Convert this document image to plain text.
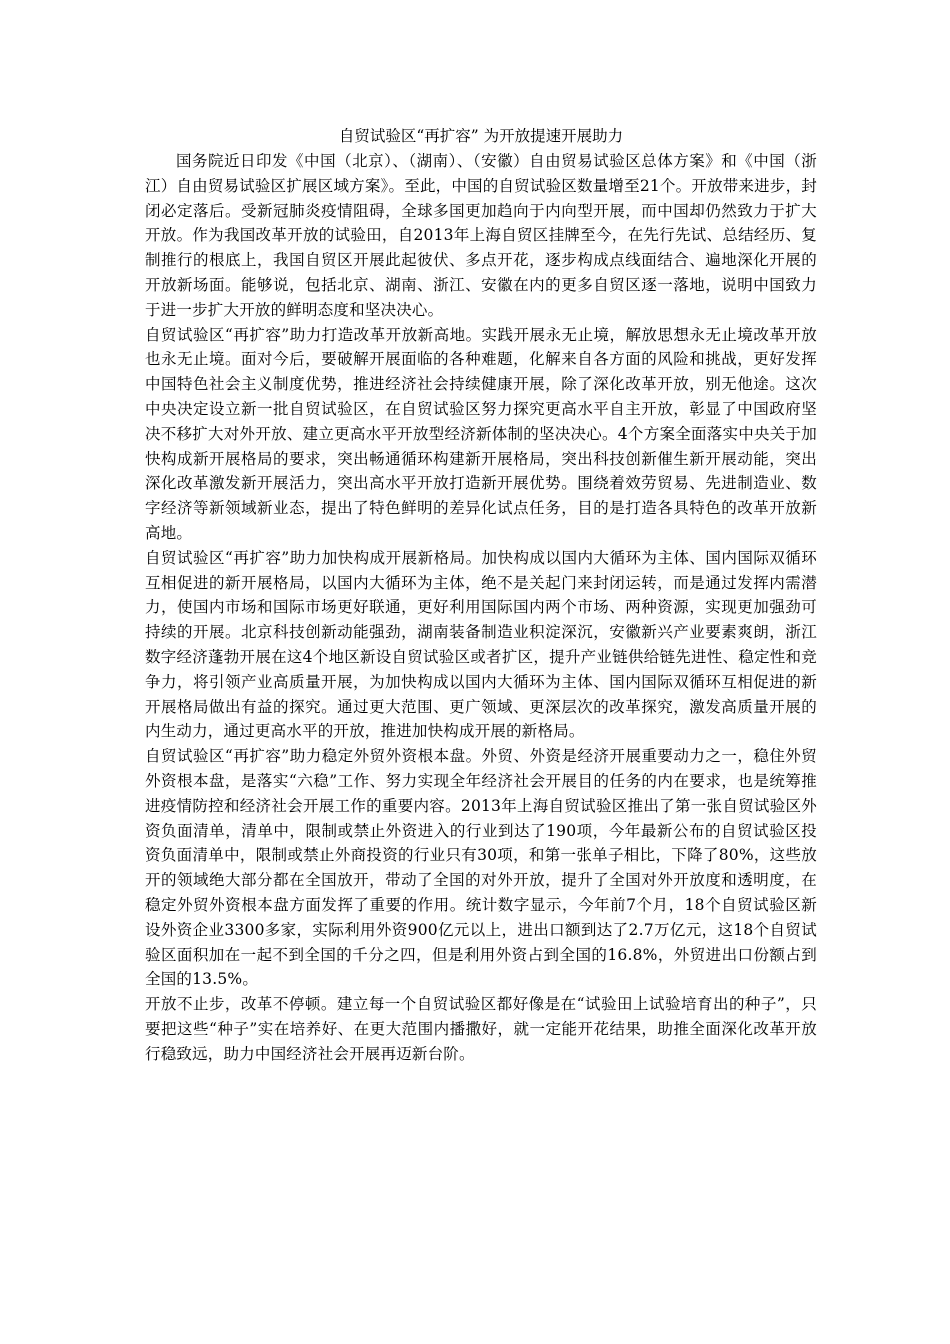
自贸试验区“再扩容” 为开放提速开展助力

国务院近日印发《中国（北京）、（湖南）、（安徽）自由贸易试验区总体方案》和《中国（浙江）自由贸易试验区扩展区域方案》。至此，中国的自贸试验区数量增至21个。开放带来进步，封闭必定落后。受新冠肺炎疫情阻碍，全球多国更加趋向于内向型开展，而中国却仍然致力于扩大开放。作为我国改革开放的试验田，自2013年上海自贸区挂牌至今，在先行先试、总结经历、复制推行的根底上，我国自贸区开展此起彼伏、多点开花，逐步构成点线面结合、遍地深化开展的开放新场面。能够说，包括北京、湖南、浙江、安徽在内的更多自贸区逐一落地，说明中国致力于进一步扩大开放的鲜明态度和坚决决心。

自贸试验区“再扩容”助力打造改革开放新高地。实践开展永无止境，解放思想永无止境改革开放也永无止境。面对今后，要破解开展面临的各种难题，化解来自各方面的风险和挑战，更好发挥中国特色社会主义制度优势，推进经济社会持续健康开展，除了深化改革开放，别无他途。这次中央决定设立新一批自贸试验区，在自贸试验区努力探究更高水平自主开放，彰显了中国政府坚决不移扩大对外开放、建立更高水平开放型经济新体制的坚决决心。4个方案全面落实中央关于加快构成新开展格局的要求，突出畅通循环构建新开展格局，突出科技创新催生新开展动能，突出深化改革激发新开展活力，突出高水平开放打造新开展优势。围绕着效劳贸易、先进制造业、数字经济等新领域新业态，提出了特色鲜明的差异化试点任务，目的是打造各具特色的改革开放新高地。

自贸试验区“再扩容”助力加快构成开展新格局。加快构成以国内大循环为主体、国内国际双循环互相促进的新开展格局，以国内大循环为主体，绝不是关起门来封闭运转，而是通过发挥内需潜力，使国内市场和国际市场更好联通，更好利用国际国内两个市场、两种资源，实现更加强劲可持续的开展。北京科技创新动能强劲，湖南装备制造业积淀深沉，安徽新兴产业要素爽朗，浙江数字经济蓬勃开展在这4个地区新设自贸试验区或者扩区，提升产业链供给链先进性、稳定性和竞争力，将引领产业高质量开展，为加快构成以国内大循环为主体、国内国际双循环互相促进的新开展格局做出有益的探究。通过更大范围、更广领域、更深层次的改革探究，激发高质量开展的内生动力，通过更高水平的开放，推进加快构成开展的新格局。

自贸试验区“再扩容”助力稳定外贸外资根本盘。外贸、外资是经济开展重要动力之一，稳住外贸外资根本盘，是落实“六稳”工作、努力实现全年经济社会开展目的任务的内在要求，也是统筹推进疫情防控和经济社会开展工作的重要内容。2013年上海自贸试验区推出了第一张自贸试验区外资负面清单，清单中，限制或禁止外资进入的行业到达了190项，今年最新公布的自贸试验区投资负面清单中，限制或禁止外商投资的行业只有30项，和第一张单子相比，下降了80%，这些放开的领域绝大部分都在全国放开，带动了全国的对外开放，提升了全国对外开放度和透明度，在稳定外贸外资根本盘方面发挥了重要的作用。统计数字显示，今年前7个月，18个自贸试验区新设外资企业3300多家，实际利用外资900亿元以上，进出口额到达了2.7万亿元，这18个自贸试验区面积加在一起不到全国的千分之四，但是利用外资占到全国的16.8%，外贸进出口份额占到全国的13.5%。

开放不止步，改革不停顿。建立每一个自贸试验区都好像是在“试验田上试验培育出的种子”，只要把这些“种子”实在培养好、在更大范围内播撒好，就一定能开花结果，助推全面深化改革开放行稳致远，助力中国经济社会开展再迈新台阶。
